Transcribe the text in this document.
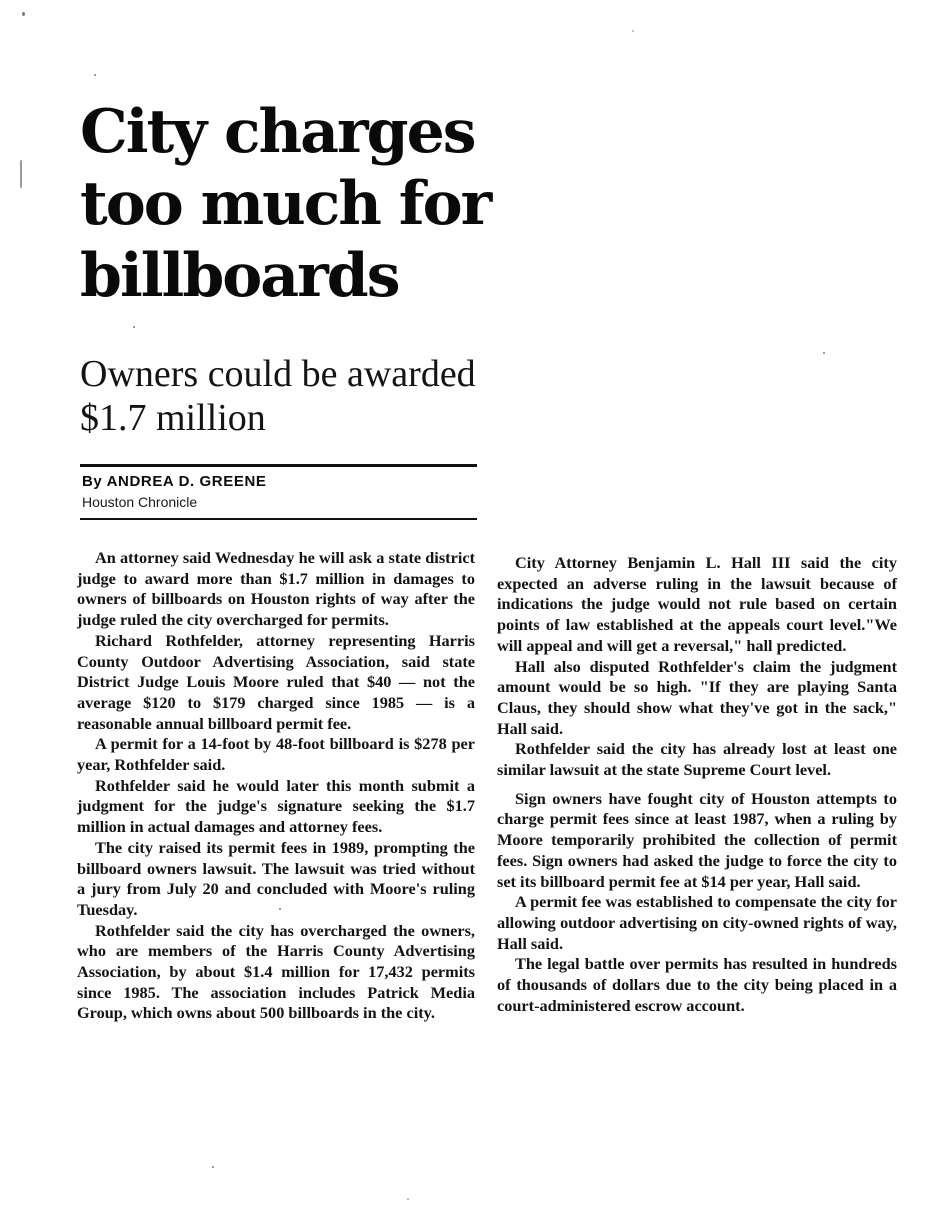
City charges too much for billboards
Owners could be awarded $1.7 million
By ANDREA D. GREENE
Houston Chronicle

An attorney said Wednesday he will ask a state district judge to award more than $1.7 million in damages to owners of billboards on Houston rights of way after the judge ruled the city overcharged for permits.

Richard Rothfelder, attorney representing Harris County Outdoor Advertising Association, said state District Judge Louis Moore ruled that $40 — not the average $120 to $179 charged since 1985 — is a reasonable annual billboard permit fee.

A permit for a 14-foot by 48-foot billboard is $278 per year, Rothfelder said.

Rothfelder said he would later this month submit a judgment for the judge's signature seeking the $1.7 million in actual damages and attorney fees.

The city raised its permit fees in 1989, prompting the billboard owners lawsuit. The lawsuit was tried without a jury from July 20 and concluded with Moore's ruling Tuesday.

Rothfelder said the city has overcharged the owners, who are members of the Harris County Advertising Association, by about $1.4 million for 17,432 permits since 1985. The association includes Patrick Media Group, which owns about 500 billboards in the city.

City Attorney Benjamin L. Hall III said the city expected an adverse ruling in the lawsuit because of indications the judge would not rule based on certain points of law established at the appeals court level."We will appeal and will get a reversal," hall predicted.

Hall also disputed Rothfelder's claim the judgment amount would be so high. "If they are playing Santa Claus, they should show what they've got in the sack," Hall said.

Rothfelder said the city has already lost at least one similar lawsuit at the state Supreme Court level.

Sign owners have fought city of Houston attempts to charge permit fees since at least 1987, when a ruling by Moore temporarily prohibited the collection of permit fees. Sign owners had asked the judge to force the city to set its billboard permit fee at $14 per year, Hall said.

A permit fee was established to compensate the city for allowing outdoor advertising on city-owned rights of way, Hall said.

The legal battle over permits has resulted in hundreds of thousands of dollars due to the city being placed in a court-administered escrow account.
